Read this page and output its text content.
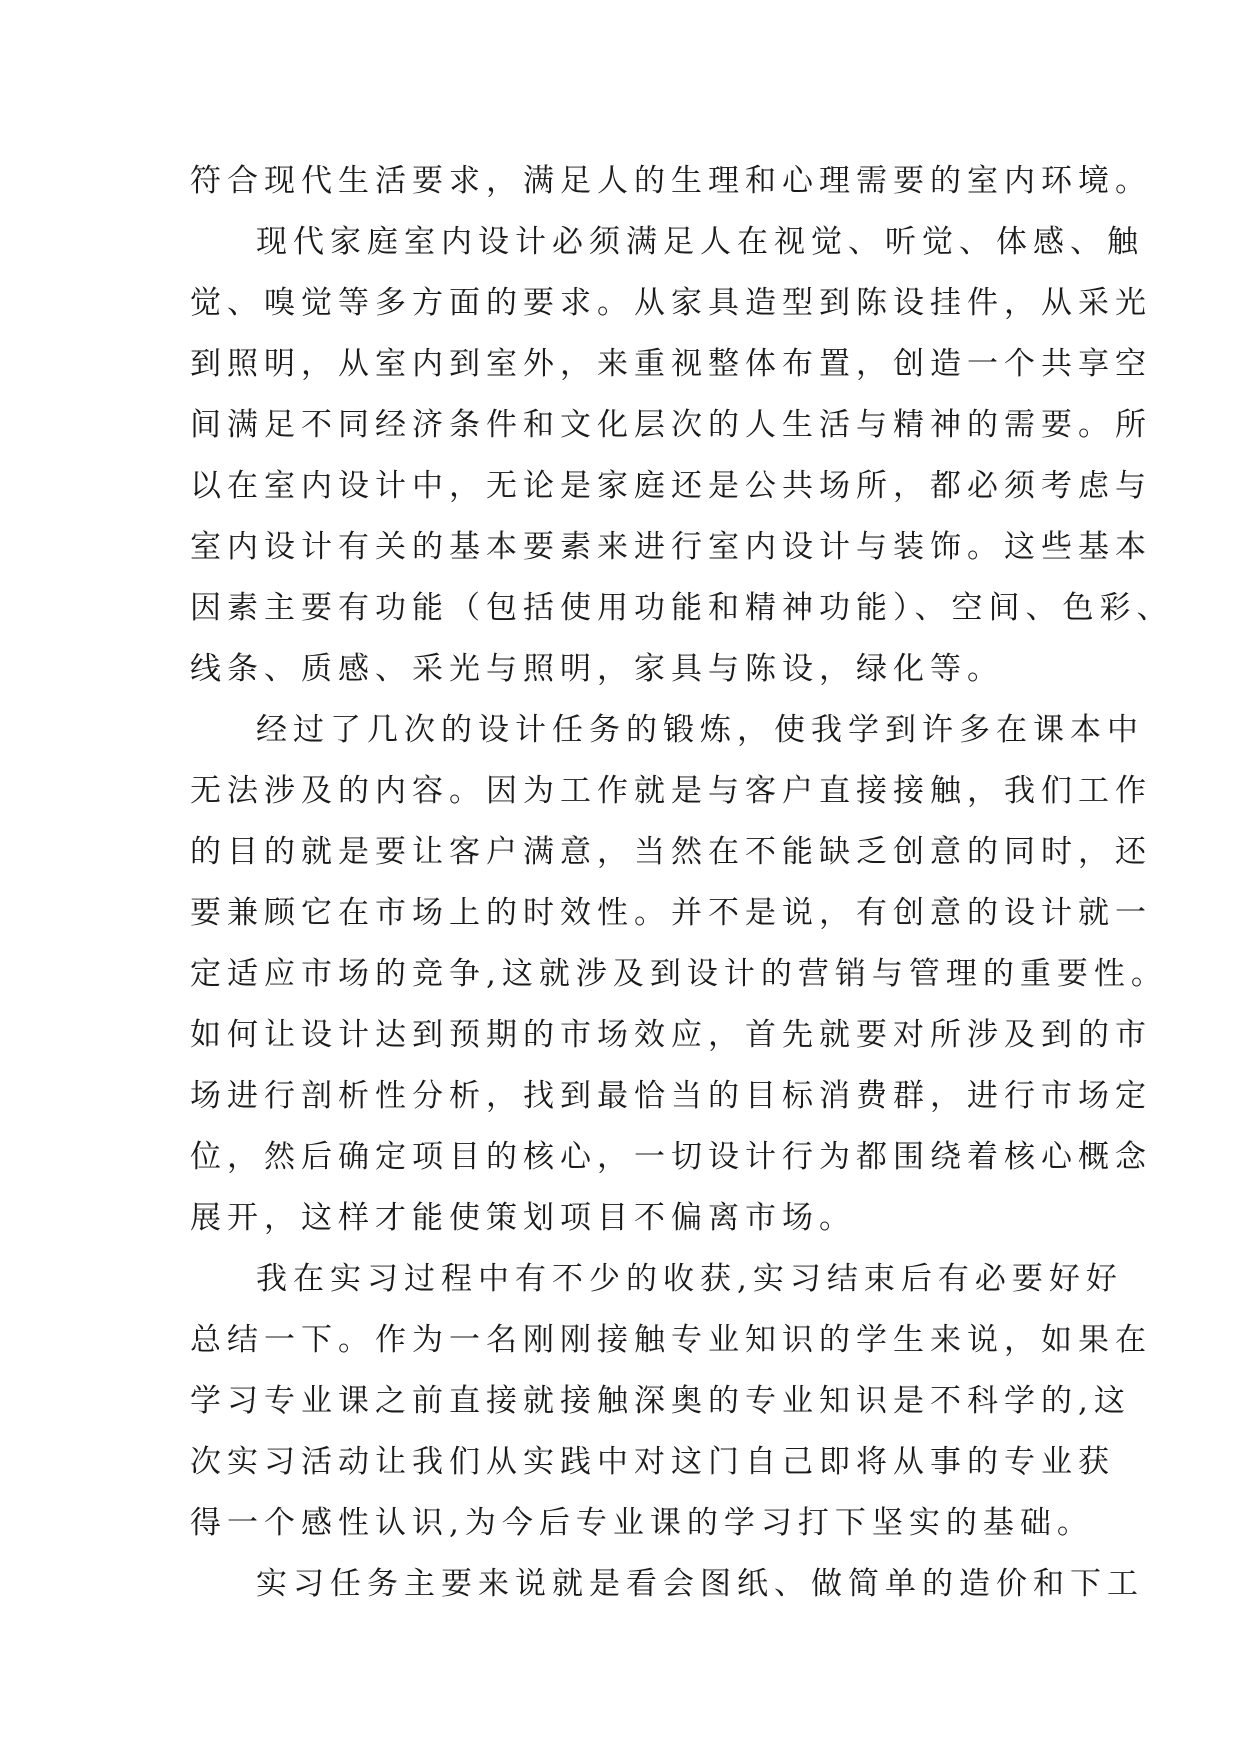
符合现代生活要求，满足人的生理和心理需要的室内环境。
现代家庭室内设计必须满足人在视觉、听觉、体感、触
觉、嗅觉等多方面的要求。从家具造型到陈设挂件，从采光
到照明，从室内到室外，来重视整体布置，创造一个共享空
间满足不同经济条件和文化层次的人生活与精神的需要。所
以在室内设计中，无论是家庭还是公共场所，都必须考虑与
室内设计有关的基本要素来进行室内设计与装饰。这些基本
因素主要有功能（包括使用功能和精神功能）、空间、色彩、
线条、质感、采光与照明，家具与陈设，绿化等。
经过了几次的设计任务的锻炼，使我学到许多在课本中
无法涉及的内容。因为工作就是与客户直接接触，我们工作
的目的就是要让客户满意，当然在不能缺乏创意的同时，还
要兼顾它在市场上的时效性。并不是说，有创意的设计就一
定适应市场的竞争,这就涉及到设计的营销与管理的重要性。
如何让设计达到预期的市场效应，首先就要对所涉及到的市
场进行剖析性分析，找到最恰当的目标消费群，进行市场定
位，然后确定项目的核心，一切设计行为都围绕着核心概念
展开，这样才能使策划项目不偏离市场。
我在实习过程中有不少的收获,实习结束后有必要好好
总结一下。作为一名刚刚接触专业知识的学生来说，如果在
学习专业课之前直接就接触深奥的专业知识是不科学的,这
次实习活动让我们从实践中对这门自己即将从事的专业获
得一个感性认识,为今后专业课的学习打下坚实的基础。
实习任务主要来说就是看会图纸、做简单的造价和下工
